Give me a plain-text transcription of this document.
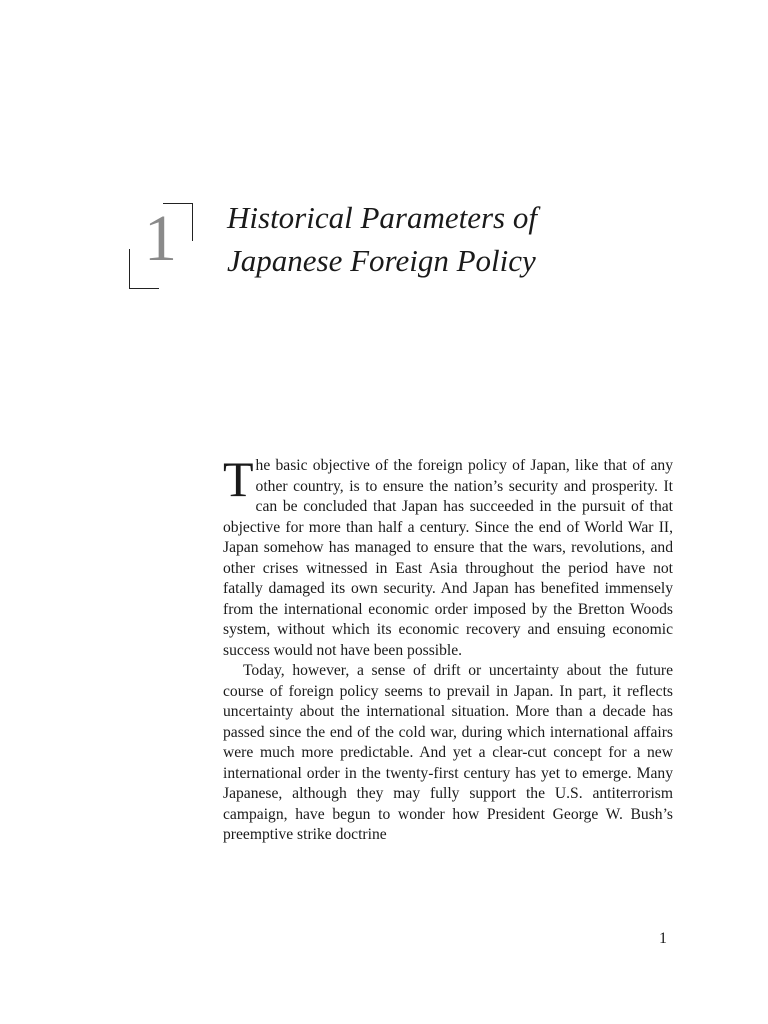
1 Historical Parameters of
Japanese Foreign Policy

The basic objective of the foreign policy of Japan, like that of any other country, is to ensure the nation’s security and prosperity. It can be concluded that Japan has succeeded in the pursuit of that objective for more than half a century. Since the end of World War II, Japan somehow has managed to ensure that the wars, revolutions, and other crises witnessed in East Asia throughout the period have not fatally damaged its own security. And Japan has benefited immensely from the international economic order imposed by the Bretton Woods system, without which its economic recovery and ensuing economic success would not have been possible.

Today, however, a sense of drift or uncertainty about the future course of foreign policy seems to prevail in Japan. In part, it reflects uncertainty about the international situation. More than a decade has passed since the end of the cold war, during which international affairs were much more predictable. And yet a clear-cut concept for a new international order in the twenty-first century has yet to emerge. Many Japanese, although they may fully support the U.S. antiterrorism campaign, have begun to wonder how President George W. Bush’s preemptive strike doctrine

1
